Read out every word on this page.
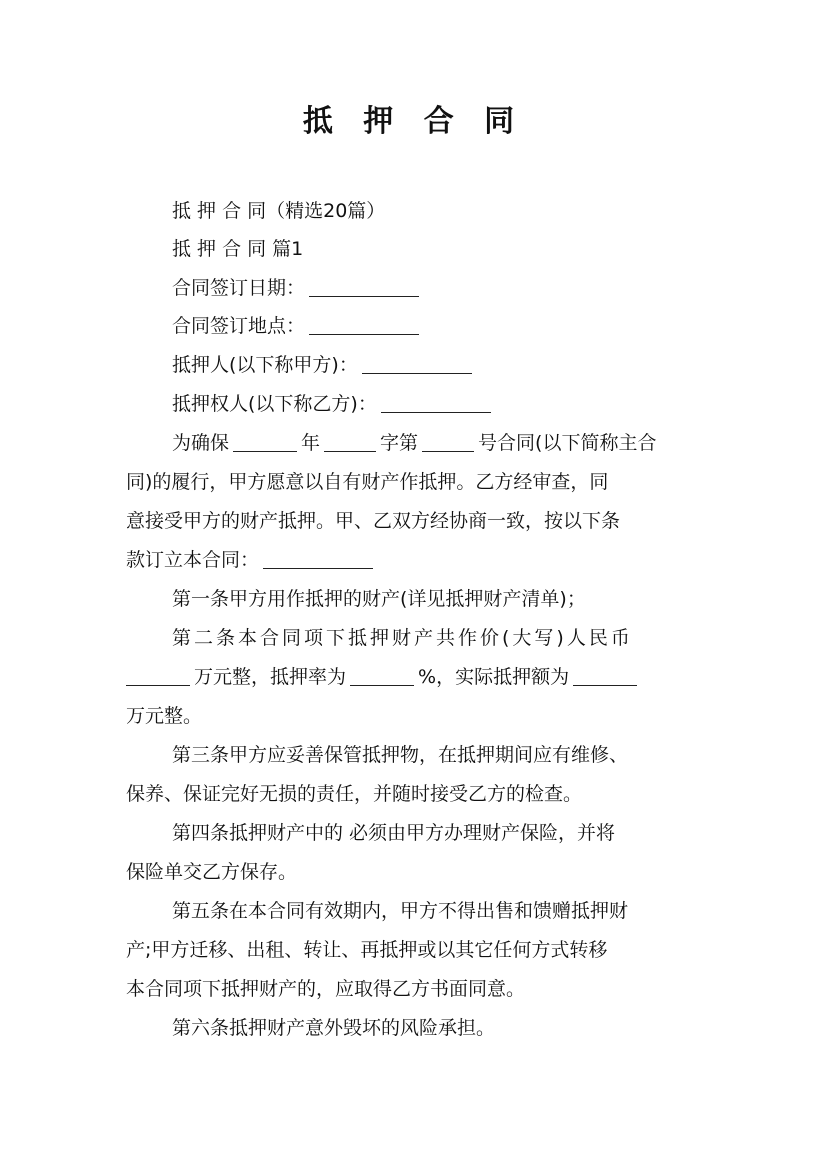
抵 押 合 同
抵 押 合 同（精选20篇）
抵 押 合 同 篇1
合同签订日期：
合同签订地点：
抵押人(以下称甲方)：
抵押权人(以下称乙方)：
为确保	年	字第	号合同(以下简称主合
同)的履行，甲方愿意以自有财产作抵押。乙方经审查，同
意接受甲方的财产抵押。甲、乙双方经协商一致，按以下条
款订立本合同：
第一条甲方用作抵押的财产(详见抵押财产清单)；
第二条本合同项下抵押财产共作价(大写)人民币
万元整，抵押率为	%，实际抵押额为
万元整。
第三条甲方应妥善保管抵押物，在抵押期间应有维修、
保养、保证完好无损的责任，并随时接受乙方的检查。
第四条抵押财产中的 必须由甲方办理财产保险，并将
保险单交乙方保存。
第五条在本合同有效期内，甲方不得出售和馈赠抵押财
产;甲方迁移、出租、转让、再抵押或以其它任何方式转移
本合同项下抵押财产的，应取得乙方书面同意。
第六条抵押财产意外毁坏的风险承担。
